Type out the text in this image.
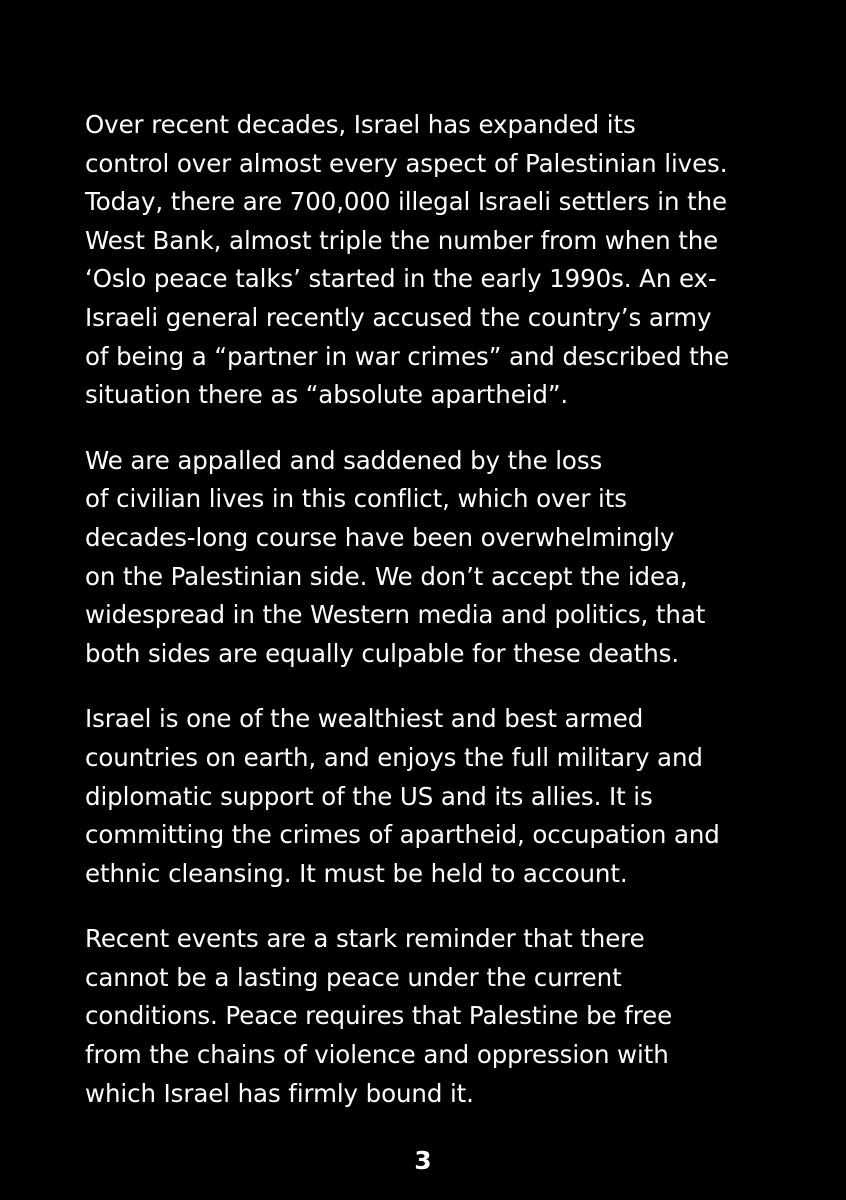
Over recent decades, Israel has expanded its
control over almost every aspect of Palestinian lives.
Today, there are 700,000 illegal Israeli settlers in the
West Bank, almost triple the number from when the
‘Oslo peace talks’ started in the early 1990s. An ex-
Israeli general recently accused the country’s army
of being a “partner in war crimes” and described the
situation there as “absolute apartheid”.

We are appalled and saddened by the loss
of civilian lives in this conflict, which over its
decades-long course have been overwhelmingly
on the Palestinian side. We don’t accept the idea,
widespread in the Western media and politics, that
both sides are equally culpable for these deaths.

Israel is one of the wealthiest and best armed
countries on earth, and enjoys the full military and
diplomatic support of the US and its allies. It is
committing the crimes of apartheid, occupation and
ethnic cleansing. It must be held to account.

Recent events are a stark reminder that there
cannot be a lasting peace under the current
conditions. Peace requires that Palestine be free
from the chains of violence and oppression with
which Israel has firmly bound it.

3
